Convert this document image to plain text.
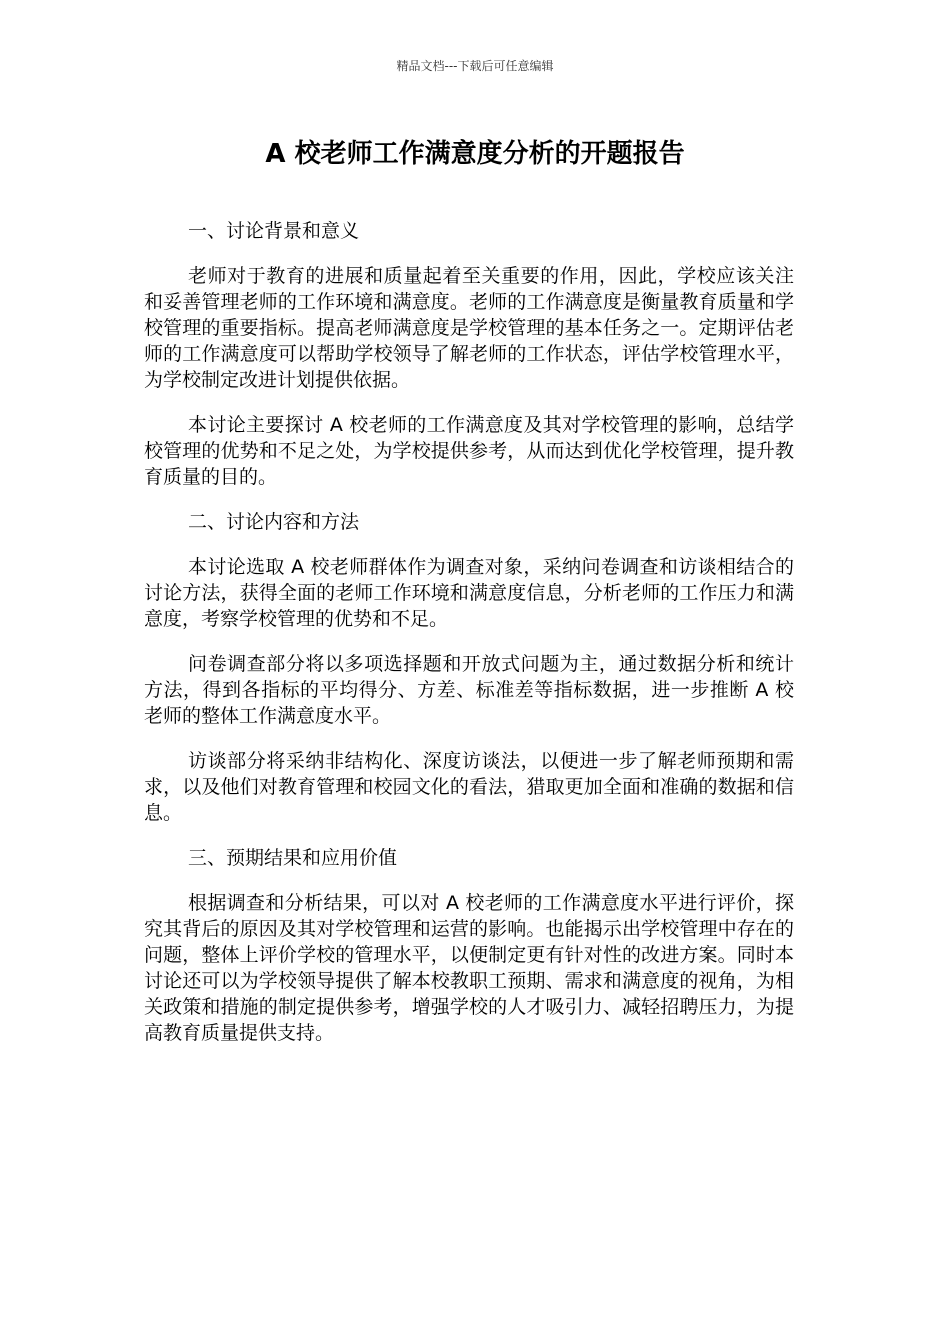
精品文档---下载后可任意编辑
A 校老师工作满意度分析的开题报告

一、讨论背景和意义

老师对于教育的进展和质量起着至关重要的作用，因此，学校应该关注和妥善管理老师的工作环境和满意度。老师的工作满意度是衡量教育质量和学校管理的重要指标。提高老师满意度是学校管理的基本任务之一。定期评估老师的工作满意度可以帮助学校领导了解老师的工作状态，评估学校管理水平，为学校制定改进计划提供依据。

本讨论主要探讨 A 校老师的工作满意度及其对学校管理的影响，总结学校管理的优势和不足之处，为学校提供参考，从而达到优化学校管理，提升教育质量的目的。

二、讨论内容和方法

本讨论选取 A 校老师群体作为调查对象，采纳问卷调查和访谈相结合的讨论方法，获得全面的老师工作环境和满意度信息，分析老师的工作压力和满意度，考察学校管理的优势和不足。

问卷调查部分将以多项选择题和开放式问题为主，通过数据分析和统计方法，得到各指标的平均得分、方差、标准差等指标数据，进一步推断 A 校老师的整体工作满意度水平。

访谈部分将采纳非结构化、深度访谈法，以便进一步了解老师预期和需求，以及他们对教育管理和校园文化的看法，猎取更加全面和准确的数据和信息。

三、预期结果和应用价值

根据调查和分析结果，可以对 A 校老师的工作满意度水平进行评价，探究其背后的原因及其对学校管理和运营的影响。也能揭示出学校管理中存在的问题，整体上评价学校的管理水平，以便制定更有针对性的改进方案。同时本讨论还可以为学校领导提供了解本校教职工预期、需求和满意度的视角，为相关政策和措施的制定提供参考，增强学校的人才吸引力、减轻招聘压力，为提高教育质量提供支持。
